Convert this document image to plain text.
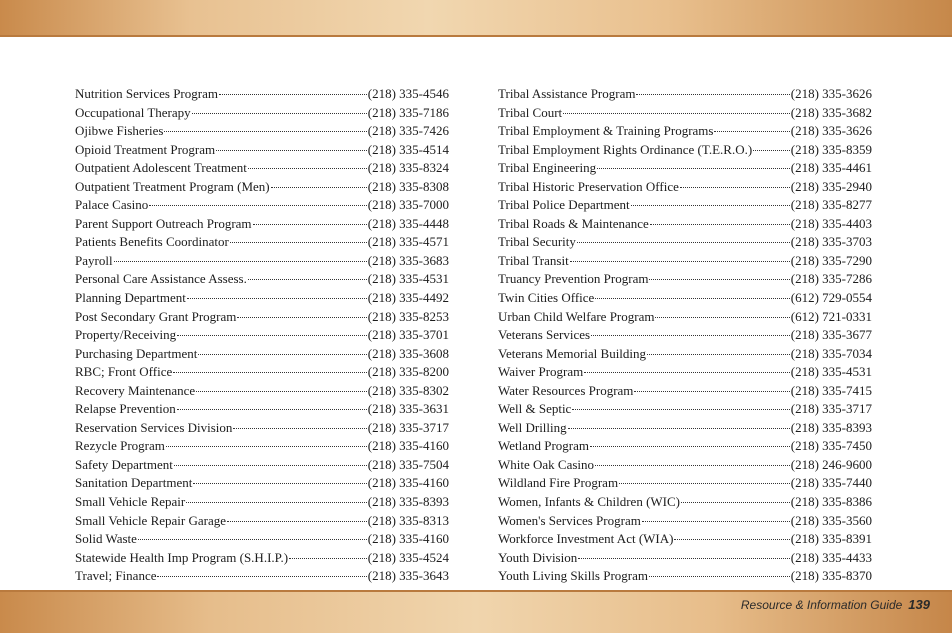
Nutrition Services Program	(218) 335-4546
Occupational Therapy	(218) 335-7186
Ojibwe Fisheries	(218) 335-7426
Opioid Treatment Program	(218) 335-4514
Outpatient Adolescent Treatment	(218) 335-8324
Outpatient Treatment Program (Men)	(218) 335-8308
Palace Casino	(218) 335-7000
Parent Support Outreach Program	(218) 335-4448
Patients Benefits Coordinator	(218) 335-4571
Payroll	(218) 335-3683
Personal Care Assistance Assess.	(218) 335-4531
Planning Department	(218) 335-4492
Post Secondary Grant Program	(218) 335-8253
Property/Receiving	(218) 335-3701
Purchasing Department	(218) 335-3608
RBC; Front Office	(218) 335-8200
Recovery Maintenance	(218) 335-8302
Relapse Prevention	(218) 335-3631
Reservation Services Division	(218) 335-3717
Rezycle Program	(218) 335-4160
Safety Department	(218) 335-7504
Sanitation Department	(218) 335-4160
Small Vehicle Repair	(218) 335-8393
Small Vehicle Repair Garage	(218) 335-8313
Solid Waste	(218) 335-4160
Statewide Health Imp Program (S.H.I.P.)	(218) 335-4524
Travel; Finance	(218) 335-3643
Tribal Assistance Program	(218) 335-3626
Tribal Court	(218) 335-3682
Tribal Employment & Training Programs	(218) 335-3626
Tribal Employment Rights Ordinance (T.E.R.O.)	(218) 335-8359
Tribal Engineering	(218) 335-4461
Tribal Historic Preservation Office	(218) 335-2940
Tribal Police Department	(218) 335-8277
Tribal Roads & Maintenance	(218) 335-4403
Tribal Security	(218) 335-3703
Tribal Transit	(218) 335-7290
Truancy Prevention Program	(218) 335-7286
Twin Cities Office	(612) 729-0554
Urban Child Welfare Program	(612) 721-0331
Veterans Services	(218) 335-3677
Veterans Memorial Building	(218) 335-7034
Waiver Program	(218) 335-4531
Water Resources Program	(218) 335-7415
Well & Septic	(218) 335-3717
Well Drilling	(218) 335-8393
Wetland Program	(218) 335-7450
White Oak Casino	(218) 246-9600
Wildland Fire Program	(218) 335-7440
Women, Infants & Children (WIC)	(218) 335-8386
Women's Services Program	(218) 335-3560
Workforce Investment Act (WIA)	(218) 335-8391
Youth Division	(218) 335-4433
Youth Living Skills Program	(218) 335-8370
Resource & Information Guide 139
